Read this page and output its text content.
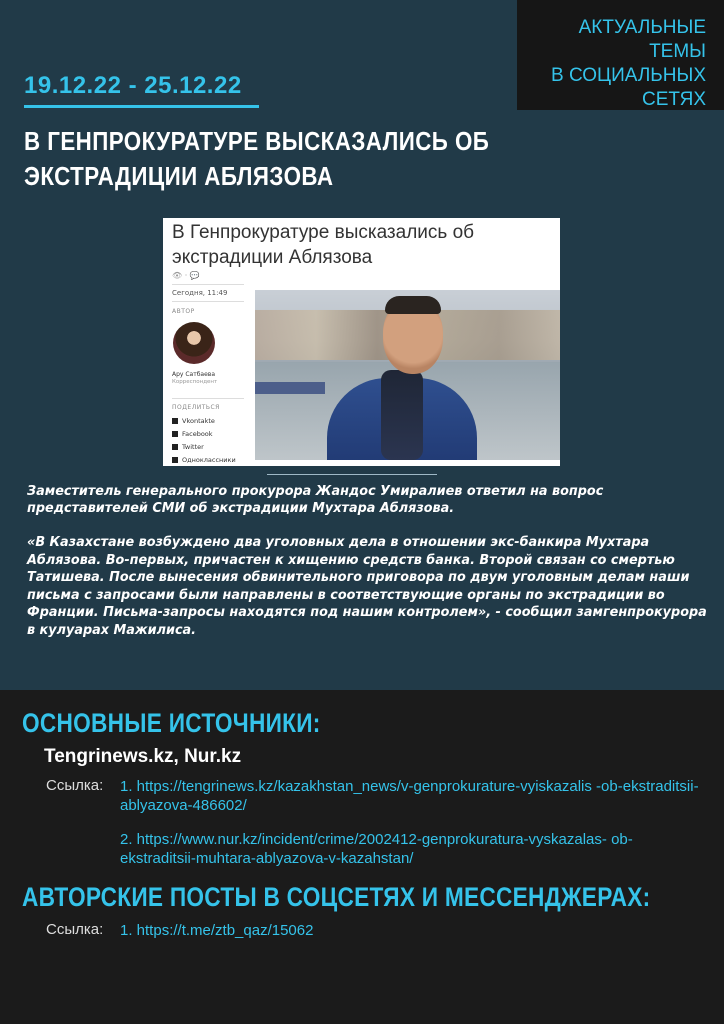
АКТУАЛЬНЫЕ ТЕМЫ
В СОЦИАЛЬНЫХ
СЕТЯХ
19.12.22 - 25.12.22
В ГЕНПРОКУРАТУРЕ ВЫСКАЗАЛИСЬ ОБ ЭКСТРАДИЦИИ АБЛЯЗОВА
В Генпрокуратуре высказались об экстрадиции Аблязова
👁 · 💬
Сегодня, 11:49
АВТОР
Ару Сатбаева
Корреспондент
ПОДЕЛИТЬСЯ
Vkontakte
Facebook
Twitter
Одноклассники
Заместитель генерального прокурора Жандос Умиралиев ответил на вопрос представителей СМИ об экстрадиции Мухтара Аблязова.
«В Казахстане возбуждено два уголовных дела в отношении экс-банкира Мухтара Аблязова. Во-первых, причастен к хищению средств банка. Второй связан со смертью Татишева. После вынесения обвинительного приговора по двум уголовным делам наши письма с запросами были направлены в соответствующие органы по экстрадиции во Франции. Письма-запросы находятся под нашим контролем», - сообщил замгенпрокурора в кулуарах Мажилиса.
ОСНОВНЫЕ ИСТОЧНИКИ:
Tengrinews.kz, Nur.kz
Ссылка: 1. https://tengrinews.kz/kazakhstan_news/v-genprokurature-vyiskazalis -ob-ekstraditsii-ablyazova-486602/
2. https://www.nur.kz/incident/crime/2002412-genprokuratura-vyskazalas- ob-ekstraditsii-muhtara-ablyazova-v-kazahstan/
АВТОРСКИЕ ПОСТЫ В СОЦСЕТЯХ И МЕССЕНДЖЕРАХ:
Ссылка: 1. https://t.me/ztb_qaz/15062
